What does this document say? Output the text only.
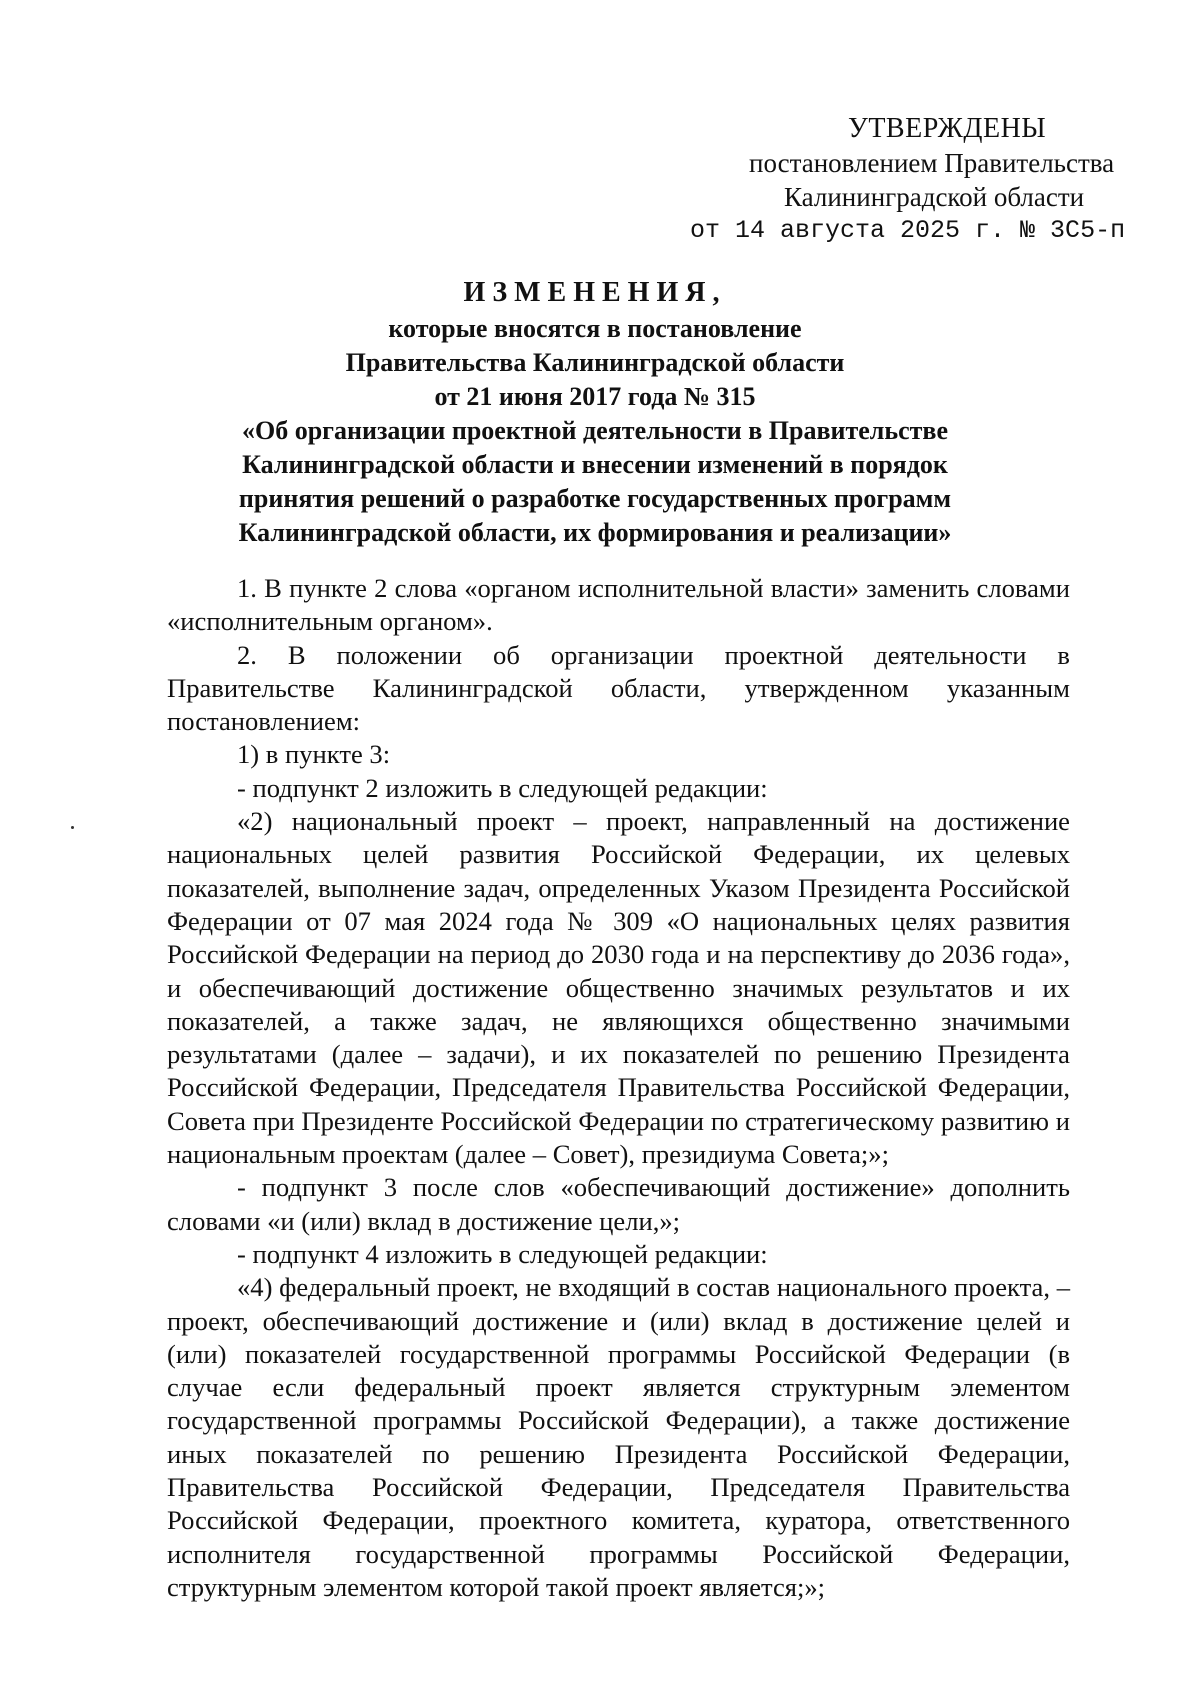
УТВЕРЖДЕНЫ
постановлением Правительства
Калининградской области
от 14 августа 2025 г. № 3С5-п
ИЗМЕНЕНИЯ,
которые вносятся в постановление
Правительства Калининградской области
от 21 июня 2017 года № 315
«Об организации проектной деятельности в Правительстве
Калининградской области и внесении изменений в порядок
принятия решений о разработке государственных программ
Калининградской области, их формирования и реализации»

1. В пункте 2 слова «органом исполнительной власти» заменить словами «исполнительным органом».

2. В положении об организации проектной деятельности в Правительстве Калининградской области, утвержденном указанным постановлением:

1) в пункте 3:

- подпункт 2 изложить в следующей редакции:

«2) национальный проект – проект, направленный на достижение национальных целей развития Российской Федерации, их целевых показателей, выполнение задач, определенных Указом Президента Российской Федерации от 07 мая 2024 года № 309 «О национальных целях развития Российской Федерации на период до 2030 года и на перспективу до 2036 года», и обеспечивающий достижение общественно значимых результатов и их показателей, а также задач, не являющихся общественно значимыми результатами (далее – задачи), и их показателей по решению Президента Российской Федерации, Председателя Правительства Российской Федерации, Совета при Президенте Российской Федерации по стратегическому развитию и национальным проектам (далее – Совет), президиума Совета;»;

- подпункт 3 после слов «обеспечивающий достижение» дополнить словами «и (или) вклад в достижение цели,»;

- подпункт 4 изложить в следующей редакции:

«4) федеральный проект, не входящий в состав национального проекта, – проект, обеспечивающий достижение и (или) вклад в достижение целей и (или) показателей государственной программы Российской Федерации (в случае если федеральный проект является структурным элементом государственной программы Российской Федерации), а также достижение иных показателей по решению Президента Российской Федерации, Правительства Российской Федерации, Председателя Правительства Российской Федерации, проектного комитета, куратора, ответственного исполнителя государственной программы Российской Федерации, структурным элементом которой такой проект является;»;
